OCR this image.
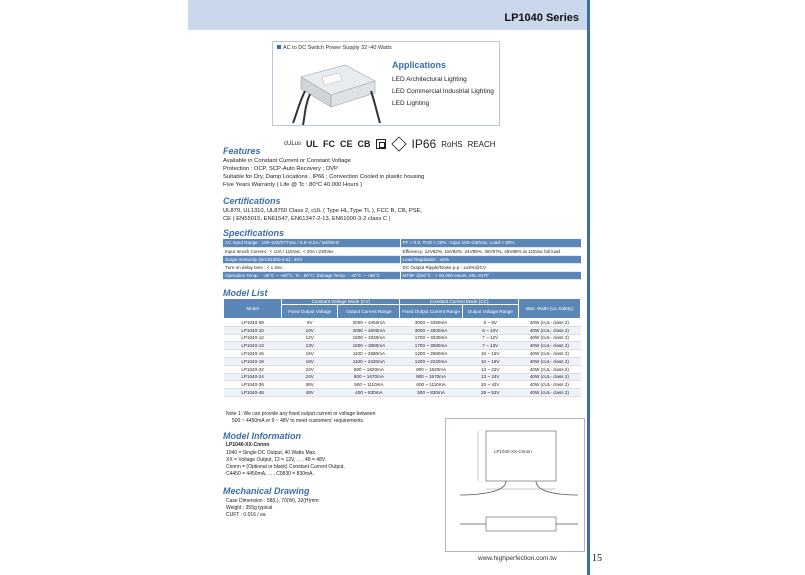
LP1040 Series
AC to DC Switch Power Supply 32~40 Watts
Applications
LED Architectural Lighting
LED Commercial Industrial Lighting
LED Lighting
cULus UL FC CE CB	IP66 RoHS REACH
Features
Available in Constant Current or Constant Voltage
Protection : OCP, SCP-Auto Recovery ; OVP
Suitable for Dry, Damp Locations , IP66 ; Convection Cooled in plastic housing
Five Years Warranty ( Life @ Tc : 80°C 40.000 Hours )
Certifications
UL879, UL1310, UL8750 Class 2, cUL ( Type HL,Type TL ), FCC B, CB, PSE,
CE ( EN55015, EN61547, EN61347-2-13, EN61000-3-2 class C )
Specifications
AC Input Range : 100~240/277Vac / 0.5~0.2A / 50/60Hz	PF > 0.9, THD < 20% : Input 100~230Vac, Load > 80%
Input Inrush Current : < 10A / 115Vac, < 20A / 230Vac	Efficiency: 12V82%, 15V83%, 24V85%, 36V87%, 48V88% at 115Vac full load
Surge Immunity (IEC61000-4-5) : 4KV	Load Regulation : ±5%
Turn on delay time : < 1 Sec.	DC Output Ripple/Noise p-p : ±15%@CV
Operation Temp. : -40°C ~ +60°C, Tc : 80°C; Storage Temp. : -40°C ~ +85°C	MTBF @60°C : > 50,000 Hours, MIL-217F
Model List
Model	Constant Voltage Mode (CV)		Constant Current Mode (CC)		Max. Watts (UL Safety)
	Fixed Output Voltage	Output Current Range	Fixed Output Current Range	Output Voltage Range	
LP1040-09	9V	2000 ~ 4450mA	3000 ~ 4450mA	6 ~ 9V	40W (cUL- class 2)
LP1040-10	10V	2000 ~ 4000mA	3000 ~ 4000mA	6 ~ 10V	40W (cUL- class 2)
LP1040-12	12V	1600 ~ 3330mA	1700 ~ 3330mA	7 ~ 12V	40W (cUL- class 2)
LP1040-13	13V	1600 ~ 3080mA	1700 ~ 3080mA	7 ~ 13V	40W (cUL- class 2)
LP1040-15	15V	1100 ~ 2660mA	1200 ~ 2660mA	10 ~ 15V	40W (cUL- class 2)
LP1040-18	18V	1100 ~ 2220mA	1200 ~ 2220mA	10 ~ 18V	40W (cUL- class 2)
LP1040-22	22V	800 ~ 1820mA	900 ~ 1820mA	13 ~ 22V	40W (cUL- class 2)
LP1040-24	24V	800 ~ 1670mA	900 ~ 1670mA	13 ~ 24V	40W (cUL- class 2)
LP1040-36	36V	500 ~ 1110mA	600 ~ 1110mA	20 ~ 42V	40W (cUL- class 2)
LP1040-48	48V	400 ~ 830mA	500 ~ 830mA	26 ~ 52V	40W (cUL- class 2)
Note 1: We can provide any fixed output current or voltage between
500 ~ 4450mA or 9 ~ 48V to meet customers' requirements.
Model Information
LP1040-XX-Cnnnn
1040 = Single DC Output, 40 Watts Max.
XX = Voltage Output, 12 = 12V, ... , 48 = 48V
Cnnnn = (Optional or blank) Constant Current Output,
C4450 = 4450mA, ... , C0830 = 830mA.
Mechanical Drawing
Case Dimension : 58(L), 70(W), 32(H)mm
Weight : 355g typical
CUFT : 0.016 / ea
LP1040-XX-Cnnnn
www.highperfection.com.tw	15
